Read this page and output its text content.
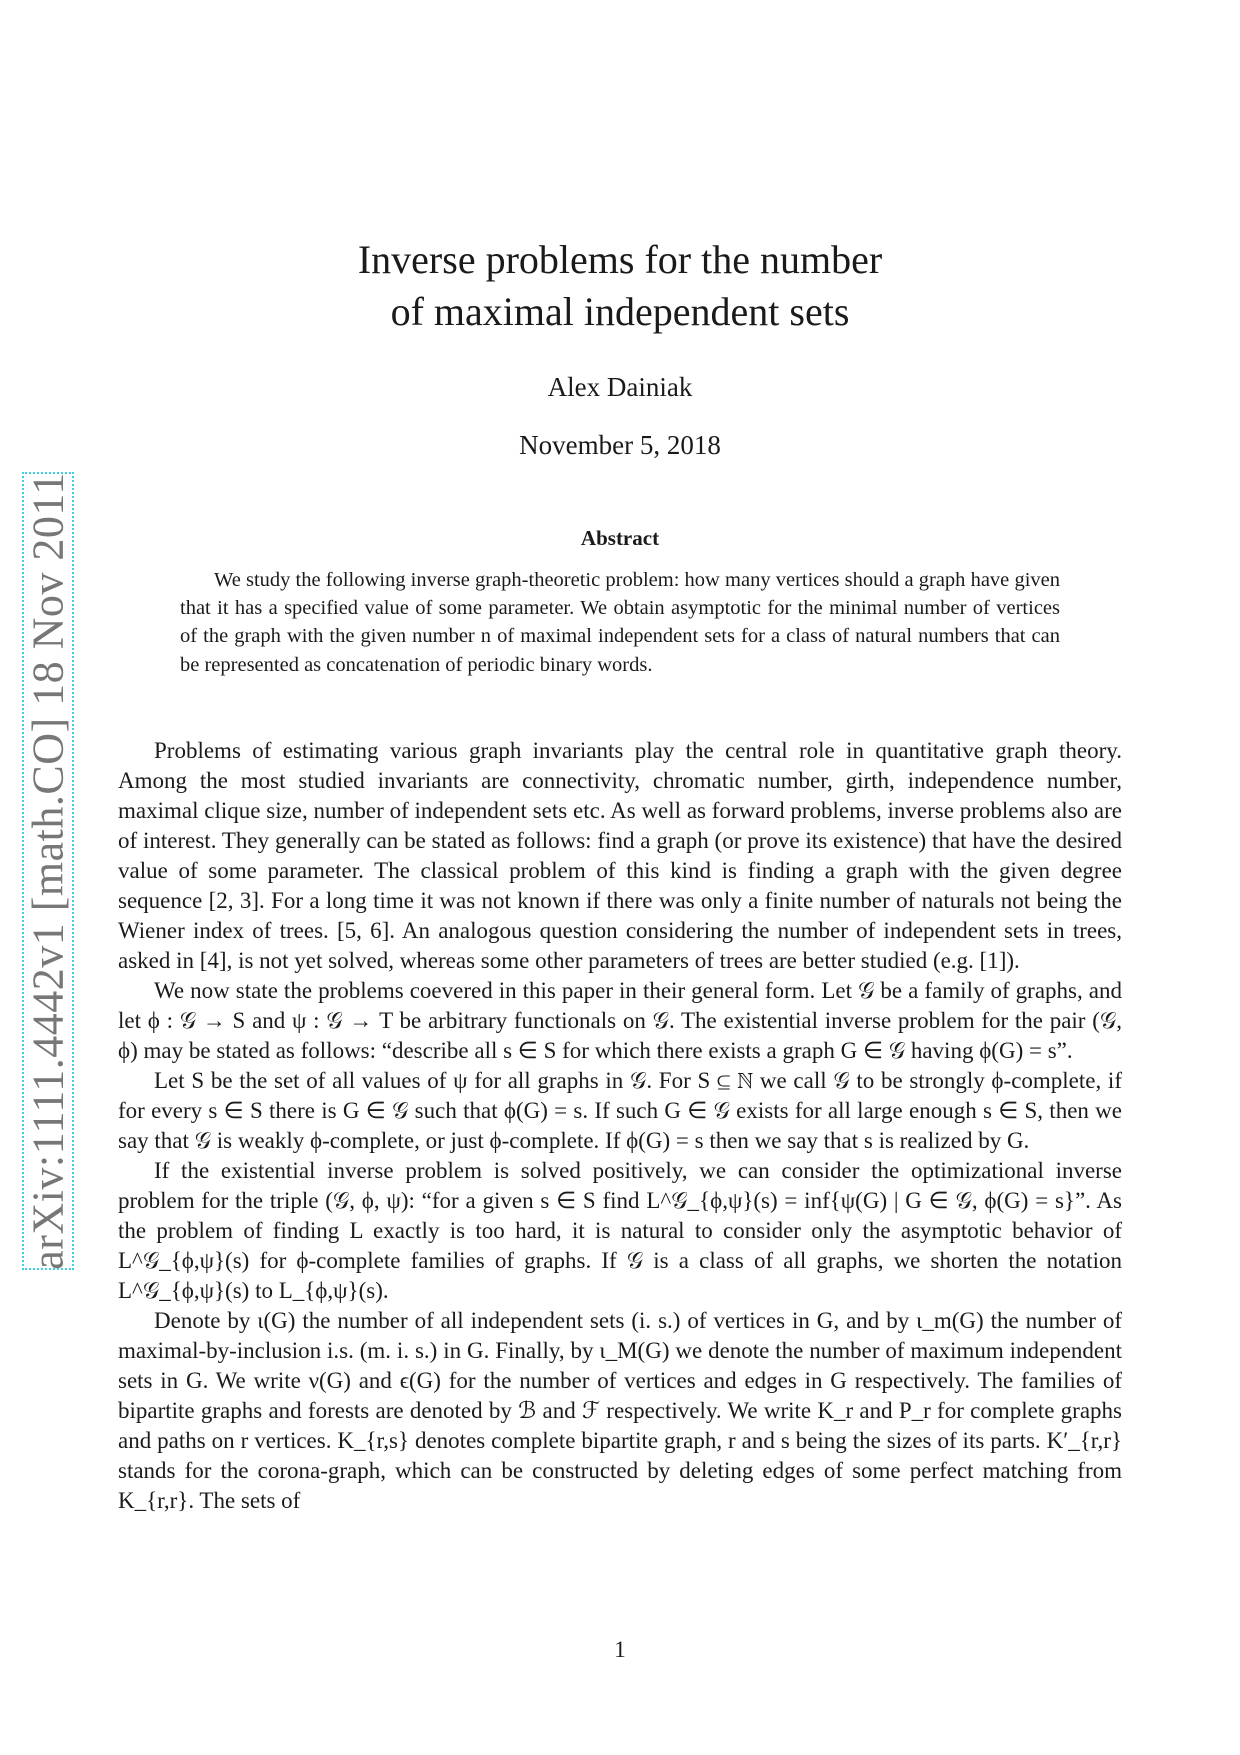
arXiv:1111.4442v1 [math.CO] 18 Nov 2011
Inverse problems for the number
of maximal independent sets
Alex Dainiak
November 5, 2018
Abstract

We study the following inverse graph-theoretic problem: how many vertices should a graph have given that it has a specified value of some parameter. We obtain asymptotic for the minimal number of vertices of the graph with the given number n of maximal independent sets for a class of natural numbers that can be represented as concatenation of periodic binary words.

Problems of estimating various graph invariants play the central role in quantitative graph theory. Among the most studied invariants are connectivity, chromatic number, girth, independence number, maximal clique size, number of independent sets etc. As well as forward problems, inverse problems also are of interest. They generally can be stated as follows: find a graph (or prove its existence) that have the desired value of some parameter. The classical problem of this kind is finding a graph with the given degree sequence [2, 3]. For a long time it was not known if there was only a finite number of naturals not being the Wiener index of trees. [5, 6]. An analogous question considering the number of independent sets in trees, asked in [4], is not yet solved, whereas some other parameters of trees are better studied (e.g. [1]).

We now state the problems coevered in this paper in their general form. Let 𝒢 be a family of graphs, and let ϕ : 𝒢 → S and ψ : 𝒢 → T be arbitrary functionals on 𝒢. The existential inverse problem for the pair (𝒢, ϕ) may be stated as follows: “describe all s ∈ S for which there exists a graph G ∈ 𝒢 having ϕ(G) = s”.

Let S be the set of all values of ψ for all graphs in 𝒢. For S ⊆ ℕ we call 𝒢 to be strongly ϕ-complete, if for every s ∈ S there is G ∈ 𝒢 such that ϕ(G) = s. If such G ∈ 𝒢 exists for all large enough s ∈ S, then we say that 𝒢 is weakly ϕ-complete, or just ϕ-complete. If ϕ(G) = s then we say that s is realized by G.

If the existential inverse problem is solved positively, we can consider the optimizational inverse problem for the triple (𝒢, ϕ, ψ): “for a given s ∈ S find L^𝒢_{ϕ,ψ}(s) = inf{ψ(G) | G ∈ 𝒢, ϕ(G) = s}”. As the problem of finding L exactly is too hard, it is natural to consider only the asymptotic behavior of L^𝒢_{ϕ,ψ}(s) for ϕ-complete families of graphs. If 𝒢 is a class of all graphs, we shorten the notation L^𝒢_{ϕ,ψ}(s) to L_{ϕ,ψ}(s).

Denote by ι(G) the number of all independent sets (i. s.) of vertices in G, and by ι_m(G) the number of maximal-by-inclusion i.s. (m. i. s.) in G. Finally, by ι_M(G) we denote the number of maximum independent sets in G. We write ν(G) and ϵ(G) for the number of vertices and edges in G respectively. The families of bipartite graphs and forests are denoted by ℬ and ℱ respectively. We write K_r and P_r for complete graphs and paths on r vertices. K_{r,s} denotes complete bipartite graph, r and s being the sizes of its parts. K′_{r,r} stands for the corona-graph, which can be constructed by deleting edges of some perfect matching from K_{r,r}. The sets of

1
